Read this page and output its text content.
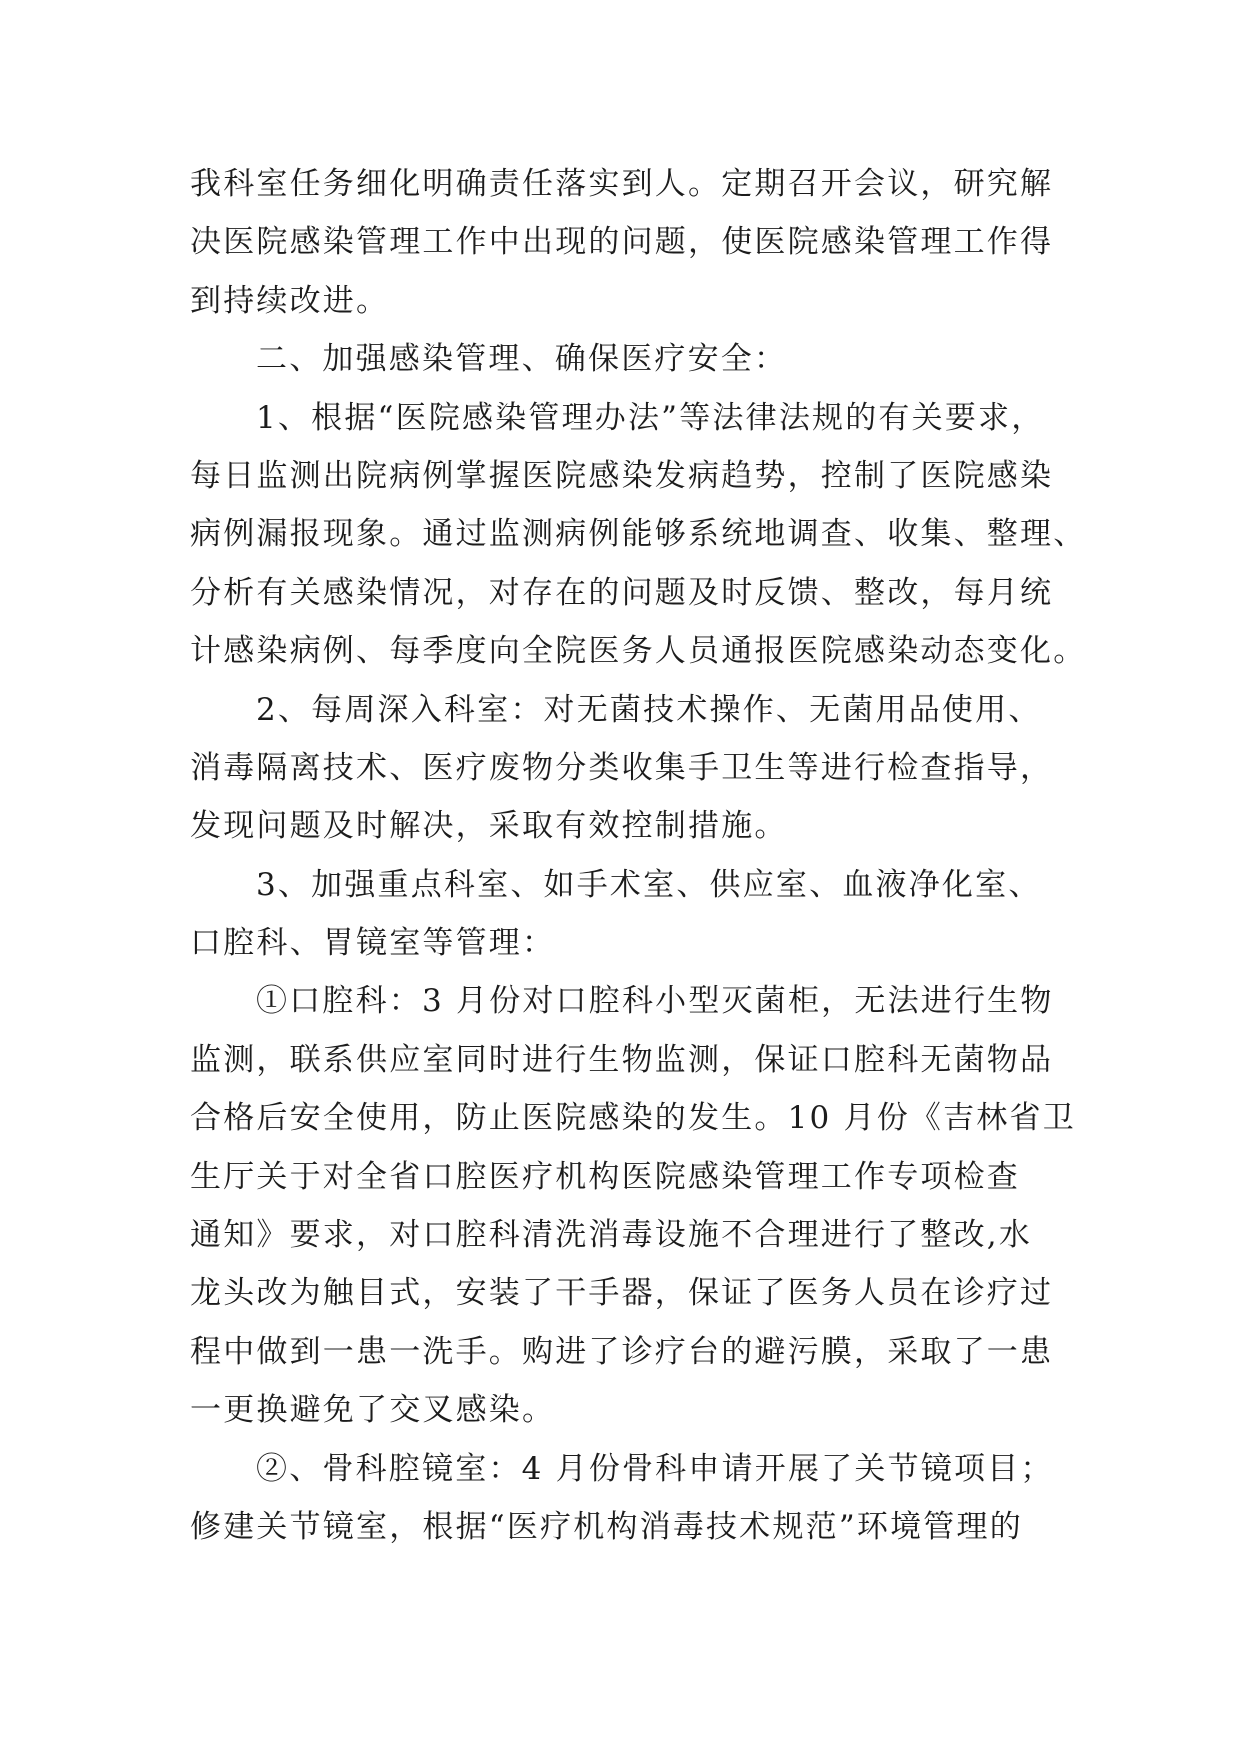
我科室任务细化明确责任落实到人。定期召开会议，研究解
决医院感染管理工作中出现的问题，使医院感染管理工作得
到持续改进。
二、加强感染管理、确保医疗安全：
1、根据“医院感染管理办法”等法律法规的有关要求，
每日监测出院病例掌握医院感染发病趋势，控制了医院感染
病例漏报现象。通过监测病例能够系统地调查、收集、整理、
分析有关感染情况，对存在的问题及时反馈、整改，每月统
计感染病例、每季度向全院医务人员通报医院感染动态变化。
2、每周深入科室：对无菌技术操作、无菌用品使用、
消毒隔离技术、医疗废物分类收集手卫生等进行检查指导，
发现问题及时解决，采取有效控制措施。
3、加强重点科室、如手术室、供应室、血液净化室、
口腔科、胃镜室等管理：
①口腔科：3 月份对口腔科小型灭菌柜，无法进行生物
监测，联系供应室同时进行生物监测，保证口腔科无菌物品
合格后安全使用，防止医院感染的发生。10 月份《吉林省卫
生厅关于对全省口腔医疗机构医院感染管理工作专项检查
通知》要求，对口腔科清洗消毒设施不合理进行了整改,水
龙头改为触目式，安装了干手器，保证了医务人员在诊疗过
程中做到一患一洗手。购进了诊疗台的避污膜，采取了一患
一更换避免了交叉感染。
②、骨科腔镜室：4 月份骨科申请开展了关节镜项目；
修建关节镜室，根据“医疗机构消毒技术规范”环境管理的
